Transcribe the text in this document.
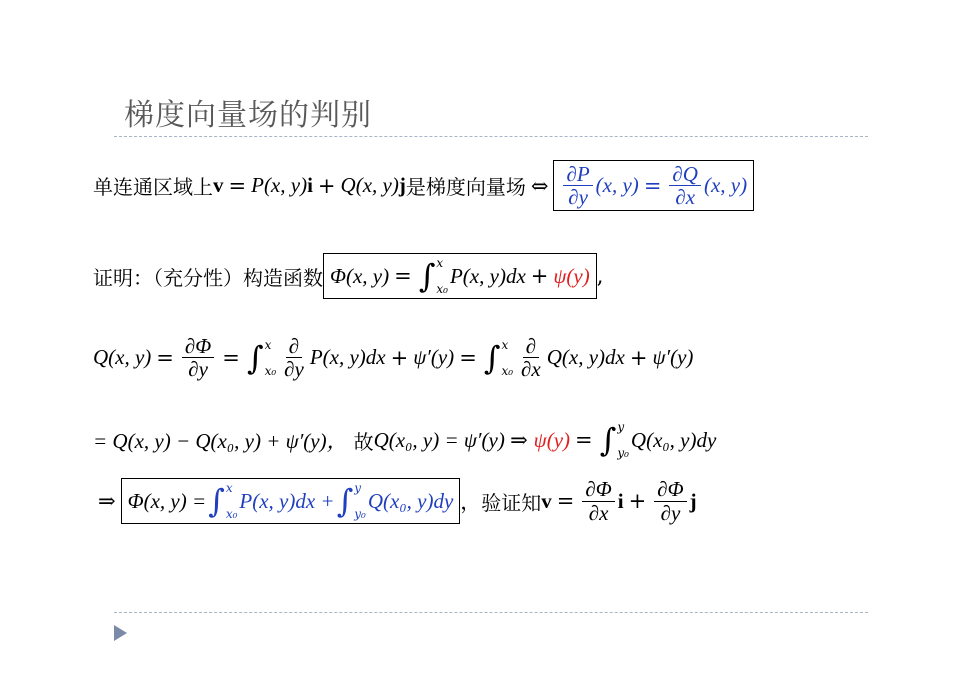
梯度向量场的判别
单连通区域上 v = P (x, y) i + Q (x, y) j 是梯度向量场 ⇔ $\frac{\partial P}{\partial y} (x$, $y) = \frac{\partial Q}{\partial x} (x$, y)
证明：（充分性）构造函数 Φ(x, y) = ∫ x
x₀
P(x, y)dx + ψ(y) ,
Q(x, $y) = \frac{\partial\Phi}{\partial y}$ = ∫ x
$x_0 \frac{\partial}{\partial y} P(x$, y)dx + ψ′(y) = ∫ x
$x_0 \frac{\partial}{\partial x} Q(x$, y)dx + ψ′(y)
= Q(x, y) − Q(x₀, y) + ψ′(y)， 故 Q(x₀, y) = ψ′(y) ⇒ ψ(y) = ∫ y
y₀
Q(x₀, y)dy
⇒ Φ(x, y) = ∫ x
x₀
P(x, y)dx + ∫ y
y₀
Q(x₀, y)dy ， 验证知 $v = \frac{\partial\Phi}{\partial x}$ $i + \frac{\partial\Phi}{\partial y}$ j
